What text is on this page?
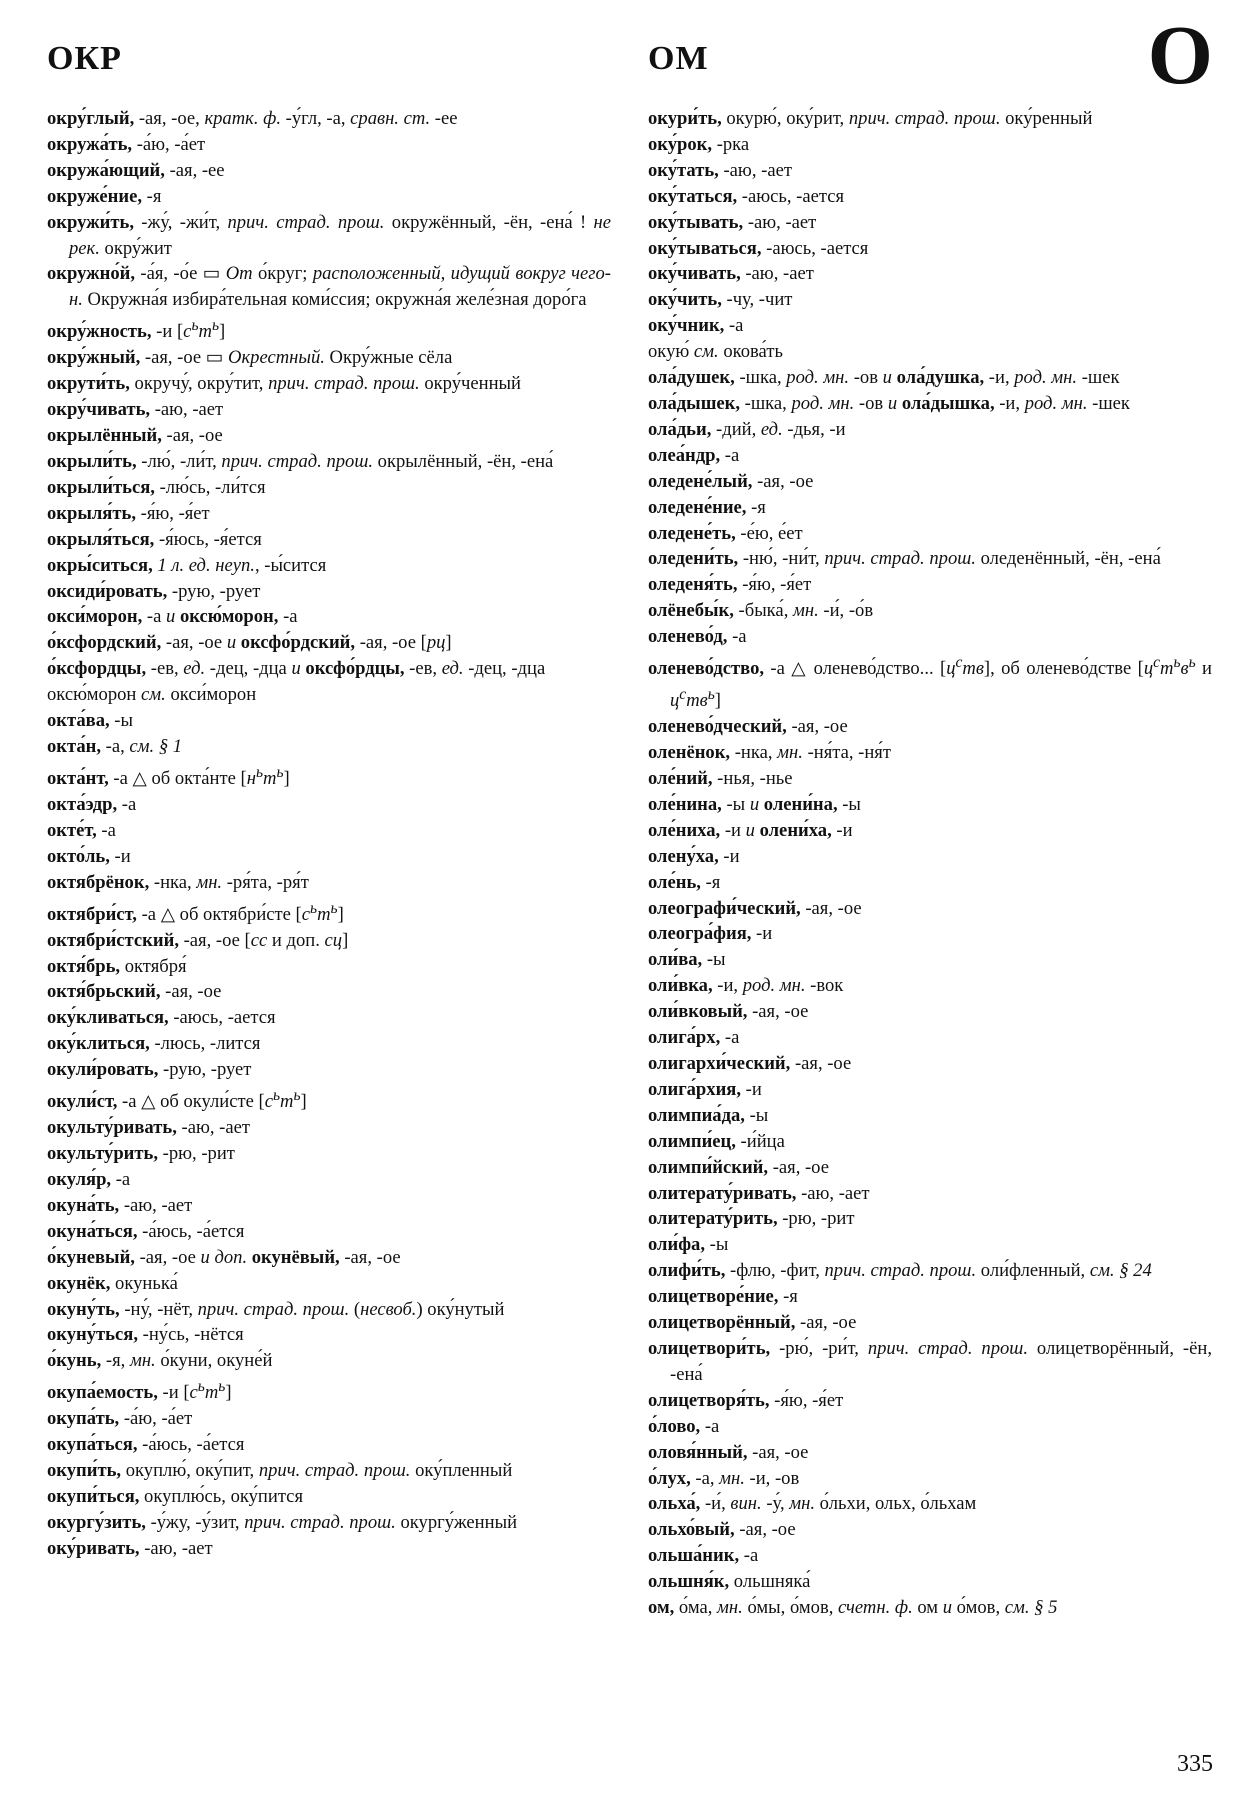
ОКР	ОМ	О
окру́глый, -ая, -ое, кратк. ф. -у́гл, -а, сравн. ст. -ее
окружа́ть, -а́ю, -а́ет
окружа́ющий, -ая, -ее
окруже́ние, -я
окружи́ть, -жу́, -жи́т, прич. страд. прош. окружённый, -ён, -ена́ ! не рек. окру́жит
окружно́й, -а́я, -о́е ▭ От о́круг; расположенный, идущий вокруг чего-н. Окружна́я избира́тельная коми́ссия; окружна́я желе́зная доро́га
окру́жность, -и $[с^ьт^ь]$
окру́жный, -ая, -ое ▭ Окрестный. Окру́жные сёла
окрути́ть, окручу́, окру́тит, прич. страд. прош. окру́ченный
окру́чивать, -аю, -ает
окрылённый, -ая, -ое
окрыли́ть, -лю́, -ли́т, прич. страд. прош. окрылённый, -ён, -ена́
окрыли́ться, -лю́сь, -ли́тся
окрыля́ть, -я́ю, -я́ет
окрыля́ться, -я́юсь, -я́ется
окры́ситься, 1 л. ед. неуп., -ы́сится
оксиди́ровать, -рую, -рует
окси́морон, -а и оксю́морон, -а
о́ксфордский, -ая, -ое и оксфо́рдский, -ая, -ое [рц]
о́ксфордцы, -ев, ед. -дец, -дца и оксфо́рдцы, -ев, ед. -дец, -дца
оксю́морон см. окси́морон
окта́ва, -ы
окта́н, -а, см. § 1
окта́нт, -а △ об окта́нте $[н^ьт^ь]$
окта́эдр, -а
окте́т, -а
окто́ль, -и
октябрёнок, -нка, мн. -ря́та, -ря́т
октябри́ст, -а △ об октябри́сте $[с^ьт^ь]$
октябри́стский, -ая, -ое [сс и доп. сц]
октя́брь, октября́
октя́брьский, -ая, -ое
оку́кливаться, -аюсь, -ается
оку́клиться, -люсь, -лится
окули́ровать, -рую, -рует
окули́ст, -а △ об окули́сте $[с^ьт^ь]$
окульту́ривать, -аю, -ает
окульту́рить, -рю, -рит
окуля́р, -а
окуна́ть, -аю, -ает
окуна́ться, -а́юсь, -а́ется
о́куневый, -ая, -ое и доп. окунёвый, -ая, -ое
окунёк, окунька́
окуну́ть, -ну́, -нёт, прич. страд. прош. (несвоб.) оку́нутый
окуну́ться, -ну́сь, -нётся
о́кунь, -я, мн. о́куни, окуне́й
окупа́емость, -и $[с^ьт^ь]$
окупа́ть, -а́ю, -а́ет
окупа́ться, -а́юсь, -а́ется
окупи́ть, окуплю́, оку́пит, прич. страд. прош. оку́пленный
окупи́ться, окуплю́сь, оку́пится
окургу́зить, -у́жу, -у́зит, прич. страд. прош. окургу́женный
оку́ривать, -аю, -ает
окури́ть, окурю́, оку́рит, прич. страд. прош. оку́ренный
оку́рок, -рка
оку́тать, -аю, -ает
оку́таться, -аюсь, -ается
оку́тывать, -аю, -ает
оку́тываться, -аюсь, -ается
оку́чивать, -аю, -ает
оку́чить, -чу, -чит
оку́чник, -а
окую́ см. окова́ть
ола́душек, -шка, род. мн. -ов и ола́душка, -и, род. мн. -шек
ола́дышек, -шка, род. мн. -ов и ола́дышка, -и, род. мн. -шек
ола́дьи, -дий, ед. -дья, -и
олеа́ндр, -а
оледене́лый, -ая, -ое
оледене́ние, -я
оледене́ть, -е́ю, е́ет
оледени́ть, -ню́, -ни́т, прич. страд. прош. оледенённый, -ён, -ена́
оледеня́ть, -я́ю, -я́ет
олёнебы́к, -быка́, мн. -и́, -о́в
оленево́д, -а
оленево́дство, -а △ оленево́дство... $[ц^ств]$, об оленево́дстве [$ц^ст^ьв^ь$ и $ц^ств^ь$]
оленево́дческий, -ая, -ое
оленёнок, -нка, мн. -ня́та, -ня́т
оле́ний, -нья, -нье
оле́нина, -ы и олени́на, -ы
оле́ниха, -и и олени́ха, -и
олену́ха, -и
оле́нь, -я
олеографи́ческий, -ая, -ое
олеогра́фия, -и
оли́ва, -ы
оли́вка, -и, род. мн. -вок
оли́вковый, -ая, -ое
олига́рх, -а
олигархи́ческий, -ая, -ое
олига́рхия, -и
олимпиа́да, -ы
олимпи́ец, -и́йца
олимпи́йский, -ая, -ое
олитерату́ривать, -аю, -ает
олитерату́рить, -рю, -рит
оли́фа, -ы
олифи́ть, -флю, -фит, прич. страд. прош. оли́фленный, см. § 24
олицетворе́ние, -я
олицетворённый, -ая, -ое
олицетвори́ть, -рю́, -ри́т, прич. страд. прош. олицетворённый, -ён, -ена́
олицетворя́ть, -я́ю, -я́ет
о́лово, -а
оловя́нный, -ая, -ое
о́лух, -а, мн. -и, -ов
ольха́, -и́, вин. -у́, мн. о́льхи, ольх, о́льхам
ольхо́вый, -ая, -ое
ольша́ник, -а
ольшня́к, ольшняка́
ом, о́ма, мн. о́мы, о́мов, счетн. ф. ом и о́мов, см. § 5
335
